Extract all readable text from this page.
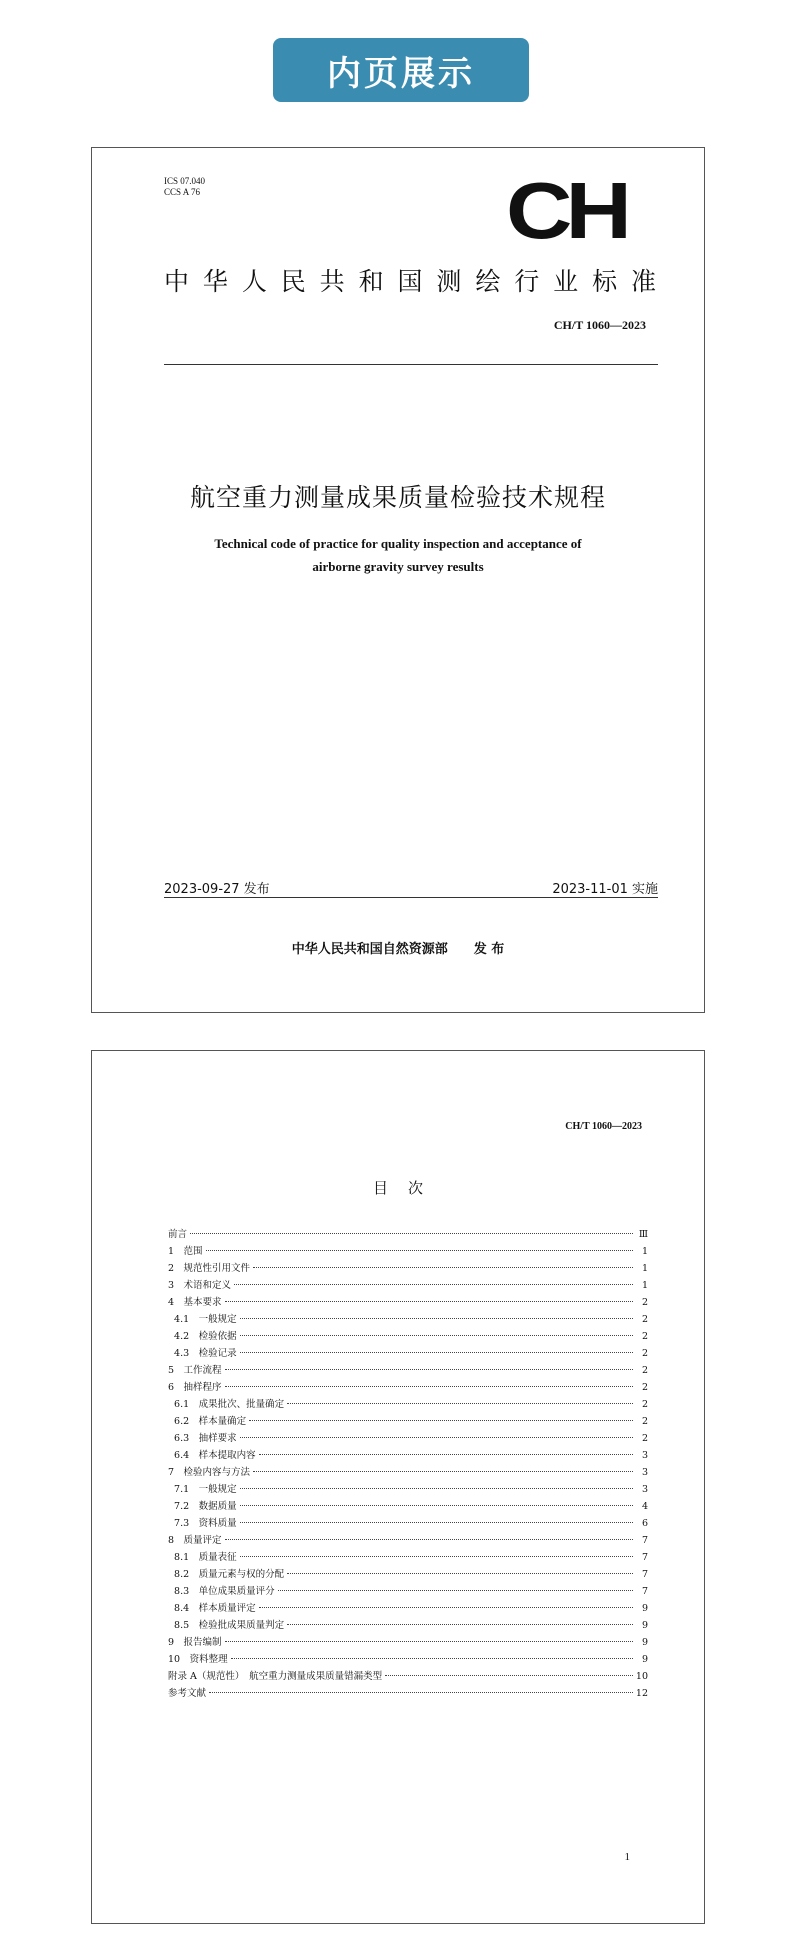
内页展示
ICS 07.040
CCS A 76	CH
中华人民共和国测绘行业标准
CH/T 1060—2023
航空重力测量成果质量检验技术规程
Technical code of practice for quality inspection and acceptance of
airborne gravity survey results
2023-09-27 发布	2023-11-01 实施
中华人民共和国自然资源部　　发 布
CH/T 1060—2023
目次
前言	Ⅲ
1　范围	1
2　规范性引用文件	1
3　术语和定义	1
4　基本要求	2
4.1　一般规定	2
4.2　检验依据	2
4.3　检验记录	2
5　工作流程	2
6　抽样程序	2
6.1　成果批次、批量确定	2
6.2　样本量确定	2
6.3　抽样要求	2
6.4　样本提取内容	3
7　检验内容与方法	3
7.1　一般规定	3
7.2　数据质量	4
7.3　资料质量	6
8　质量评定	7
8.1　质量表征	7
8.2　质量元素与权的分配	7
8.3　单位成果质量评分	7
8.4　样本质量评定	9
8.5　检验批成果质量判定	9
9　报告编制	9
10　资料整理	9
附录 A（规范性）　航空重力测量成果质量错漏类型	10
参考文献	12
1
